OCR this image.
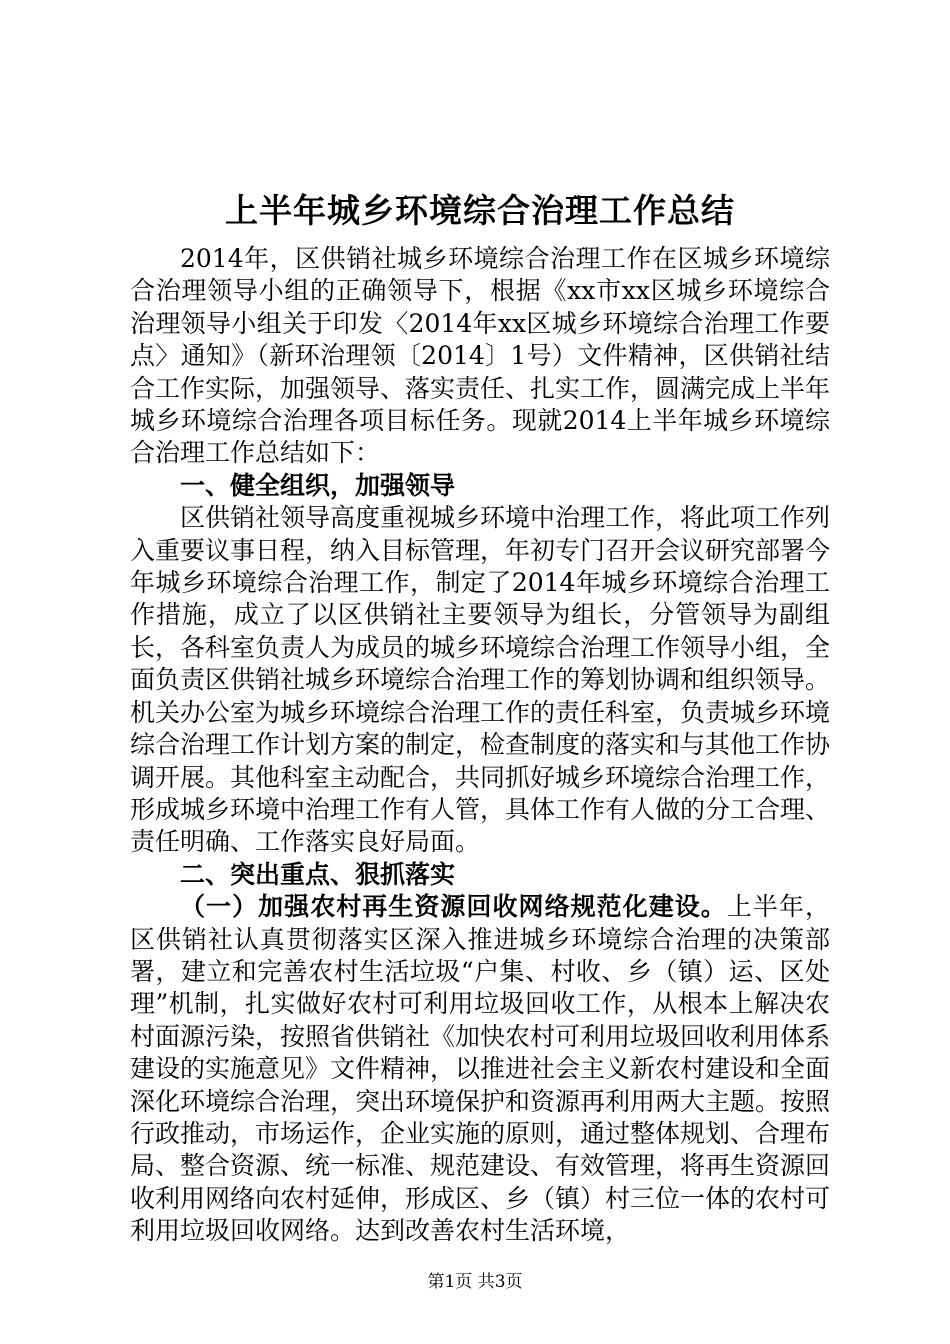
上半年城乡环境综合治理工作总结

2014年，区供销社城乡环境综合治理工作在区城乡环境综合治理领导小组的正确领导下，根据《xx市xx区城乡环境综合治理领导小组关于印发〈2014年xx区城乡环境综合治理工作要点〉通知》（新环治理领〔2014〕1号）文件精神，区供销社结合工作实际，加强领导、落实责任、扎实工作，圆满完成上半年城乡环境综合治理各项目标任务。现就2014上半年城乡环境综合治理工作总结如下：

一、健全组织，加强领导

区供销社领导高度重视城乡环境中治理工作，将此项工作列入重要议事日程，纳入目标管理，年初专门召开会议研究部署今年城乡环境综合治理工作，制定了2014年城乡环境综合治理工作措施，成立了以区供销社主要领导为组长，分管领导为副组长，各科室负责人为成员的城乡环境综合治理工作领导小组，全面负责区供销社城乡环境综合治理工作的筹划协调和组织领导。机关办公室为城乡环境综合治理工作的责任科室，负责城乡环境综合治理工作计划方案的制定，检查制度的落实和与其他工作协调开展。其他科室主动配合，共同抓好城乡环境综合治理工作，形成城乡环境中治理工作有人管，具体工作有人做的分工合理、责任明确、工作落实良好局面。

二、突出重点、狠抓落实

（一）加强农村再生资源回收网络规范化建设。上半年，区供销社认真贯彻落实区深入推进城乡环境综合治理的决策部署，建立和完善农村生活垃圾“户集、村收、乡（镇）运、区处理”机制，扎实做好农村可利用垃圾回收工作，从根本上解决农村面源污染，按照省供销社《加快农村可利用垃圾回收利用体系建设的实施意见》文件精神，以推进社会主义新农村建设和全面深化环境综合治理，突出环境保护和资源再利用两大主题。按照行政推动，市场运作，企业实施的原则，通过整体规划、合理布局、整合资源、统一标准、规范建设、有效管理，将再生资源回收利用网络向农村延伸，形成区、乡（镇）村三位一体的农村可利用垃圾回收网络。达到改善农村生活环境，

第1页 共3页
